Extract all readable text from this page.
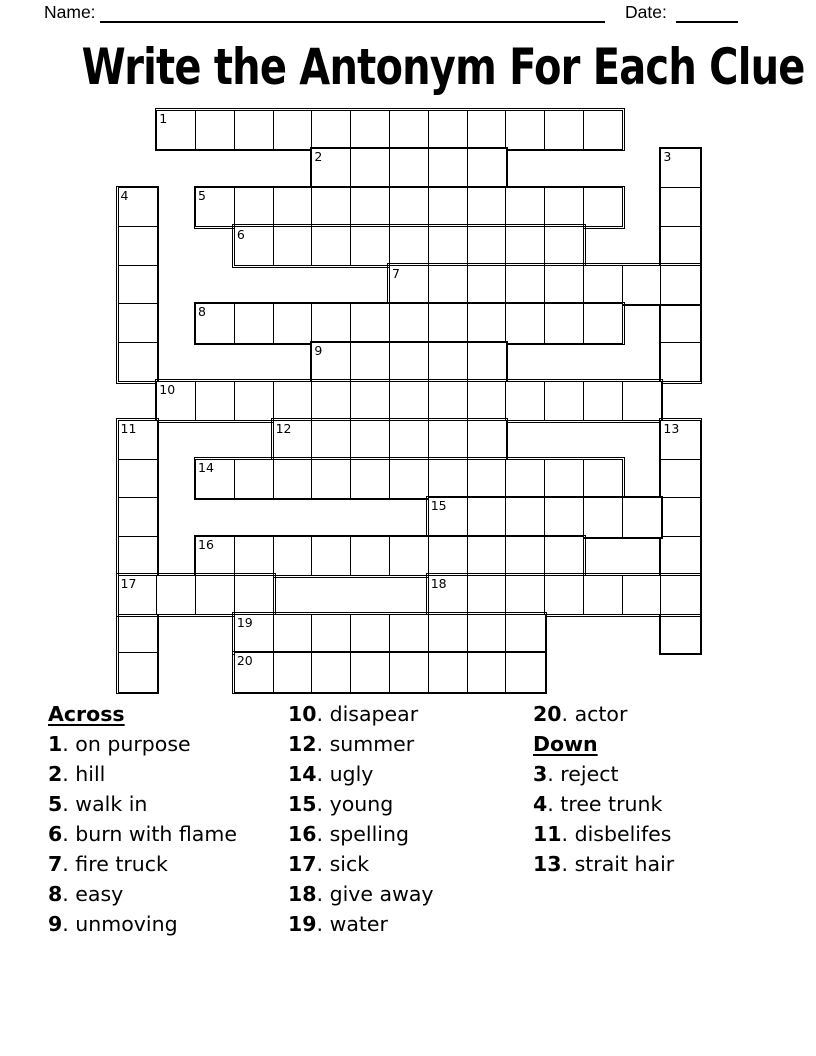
Name:	Date:
Write the Antonym For Each Clue
1
2	3
4	5
6
7
8
9
10
11	12	13
14
15
16
17	18
19
20
Across
1. on purpose
2. hill
5. walk in
6. burn with flame
7. fire truck
8. easy
9. unmoving
10. disapear
12. summer
14. ugly
15. young
16. spelling
17. sick
18. give away
19. water
20. actor
Down
3. reject
4. tree trunk
11. disbelifes
13. strait hair
